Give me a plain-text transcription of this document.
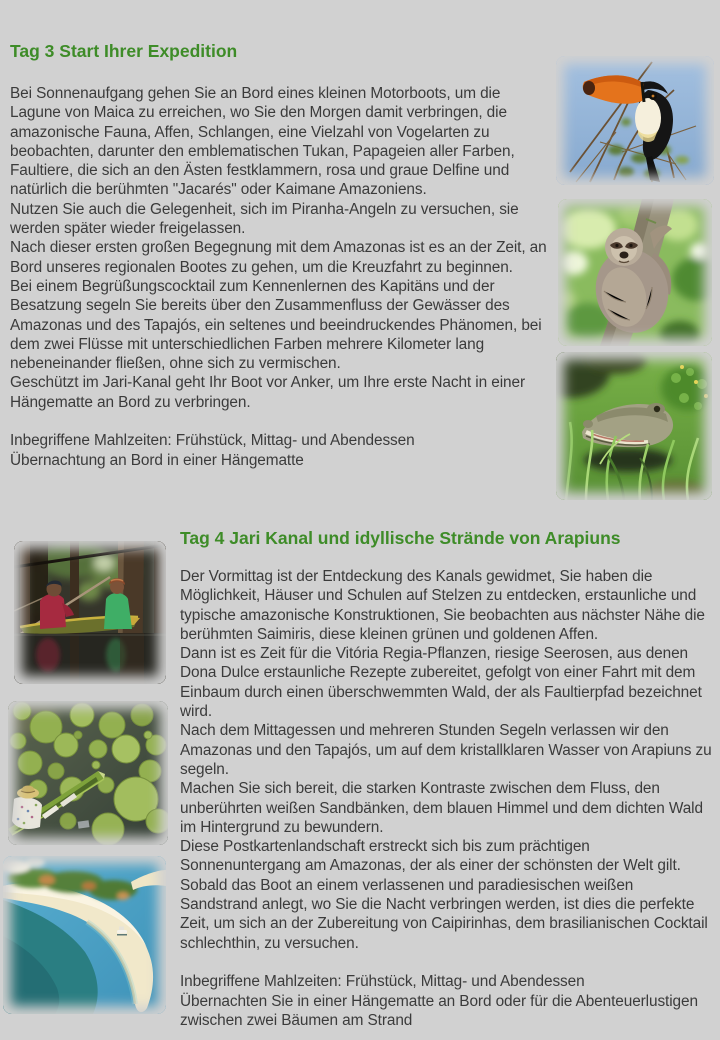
Tag 3 Start Ihrer Expedition

Bei Sonnenaufgang gehen Sie an Bord eines kleinen Motorboots, um die Lagune von Maica zu erreichen, wo Sie den Morgen damit verbringen, die amazonische Fauna, Affen, Schlangen, eine Vielzahl von Vogelarten zu beobachten, darunter den emblematischen Tukan, Papageien aller Farben, Faultiere, die sich an den Ästen festklammern, rosa und graue Delfine und natürlich die berühmten "Jacarés" oder Kaimane Amazoniens.

Nutzen Sie auch die Gelegenheit, sich im Piranha-Angeln zu versuchen, sie werden später wieder freigelassen.

Nach dieser ersten großen Begegnung mit dem Amazonas ist es an der Zeit, an Bord unseres regionalen Bootes zu gehen, um die Kreuzfahrt zu beginnen.

Bei einem Begrüßungscocktail zum Kennenlernen des Kapitäns und der Besatzung segeln Sie bereits über den Zusammenfluss der Gewässer des Amazonas und des Tapajós, ein seltenes und beeindruckendes Phänomen, bei dem zwei Flüsse mit unterschiedlichen Farben mehrere Kilometer lang nebeneinander fließen, ohne sich zu vermischen.

Geschützt im Jari-Kanal geht Ihr Boot vor Anker, um Ihre erste Nacht in einer Hängematte an Bord zu verbringen.

Inbegriffene Mahlzeiten: Frühstück, Mittag- und Abendessen

Übernachtung an Bord in einer Hängematte

Tag 4 Jari Kanal und idyllische Strände von Arapiuns

Der Vormittag ist der Entdeckung des Kanals gewidmet, Sie haben die Möglichkeit, Häuser und Schulen auf Stelzen zu entdecken, erstaunliche und typische amazonische Konstruktionen, Sie beobachten aus nächster Nähe die berühmten Saimiris, diese kleinen grünen und goldenen Affen.

Dann ist es Zeit für die Vitória Regia-Pflanzen, riesige Seerosen, aus denen Dona Dulce erstaunliche Rezepte zubereitet, gefolgt von einer Fahrt mit dem Einbaum durch einen überschwemmten Wald, der als Faultierpfad bezeichnet wird.

Nach dem Mittagessen und mehreren Stunden Segeln verlassen wir den Amazonas und den Tapajós, um auf dem kristallklaren Wasser von Arapiuns zu segeln.

Machen Sie sich bereit, die starken Kontraste zwischen dem Fluss, den unberührten weißen Sandbänken, dem blauen Himmel und dem dichten Wald im Hintergrund zu bewundern.

Diese Postkartenlandschaft erstreckt sich bis zum prächtigen Sonnenuntergang am Amazonas, der als einer der schönsten der Welt gilt.

Sobald das Boot an einem verlassenen und paradiesischen weißen Sandstrand anlegt, wo Sie die Nacht verbringen werden, ist dies die perfekte Zeit, um sich an der Zubereitung von Caipirinhas, dem brasilianischen Cocktail schlechthin, zu versuchen.

Inbegriffene Mahlzeiten: Frühstück, Mittag- und Abendessen

Übernachten Sie in einer Hängematte an Bord oder für die Abenteuerlustigen zwischen zwei Bäumen am Strand
